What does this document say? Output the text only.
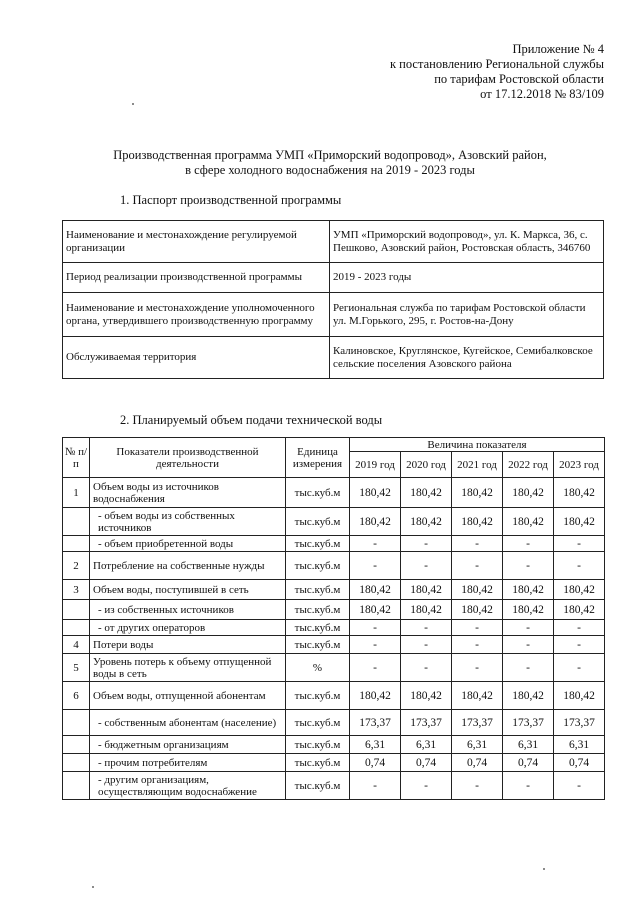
Приложение № 4
к постановлению Региональной службы
по тарифам Ростовской области
от 17.12.2018 № 83/109
Производственная программа УМП «Приморский водопровод», Азовский район,
в сфере холодного водоснабжения на 2019 - 2023 годы
1. Паспорт производственной программы
Наименование и местонахождение регулируемой организации	УМП «Приморский водопровод», ул. К. Маркса, 36, с. Пешково, Азовский район, Ростовская область, 346760
Период реализации производственной программы	2019 - 2023 годы
Наименование и местонахождение уполномоченного органа, утвердившего производственную программу	Региональная служба по тарифам Ростовской области ул. М.Горького, 295, г. Ростов-на-Дону
Обслуживаемая территория	Калиновское, Круглянское, Кугейское, Семибалковское сельские поселения Азовского района
2. Планируемый объем подачи технической воды
№ п/п	Показатели производственной деятельности	Единица измерения	Величина показателя				
			2019 год	2020 год	2021 год	2022 год	2023 год
1	Объем воды из источников водоснабжения	тыс.куб.м	180,42	180,42	180,42	180,42	180,42
	- объем воды из собственных источников	тыс.куб.м	180,42	180,42	180,42	180,42	180,42
	- объем приобретенной воды	тыс.куб.м	-	-	-	-	-
2	Потребление на собственные нужды	тыс.куб.м	-	-	-	-	-
3	Объем воды, поступившей в сеть	тыс.куб.м	180,42	180,42	180,42	180,42	180,42
	- из собственных источников	тыс.куб.м	180,42	180,42	180,42	180,42	180,42
	- от других операторов	тыс.куб.м	-	-	-	-	-
4	Потери воды	тыс.куб.м	-	-	-	-	-
5	Уровень потерь к объему отпущенной воды в сеть	%	-	-	-	-	-
6	Объем воды, отпущенной абонентам	тыс.куб.м	180,42	180,42	180,42	180,42	180,42
	- собственным абонентам (население)	тыс.куб.м	173,37	173,37	173,37	173,37	173,37
	- бюджетным организациям	тыс.куб.м	6,31	6,31	6,31	6,31	6,31
	- прочим потребителям	тыс.куб.м	0,74	0,74	0,74	0,74	0,74
	- другим организациям, осуществляющим водоснабжение	тыс.куб.м	-	-	-	-	-
